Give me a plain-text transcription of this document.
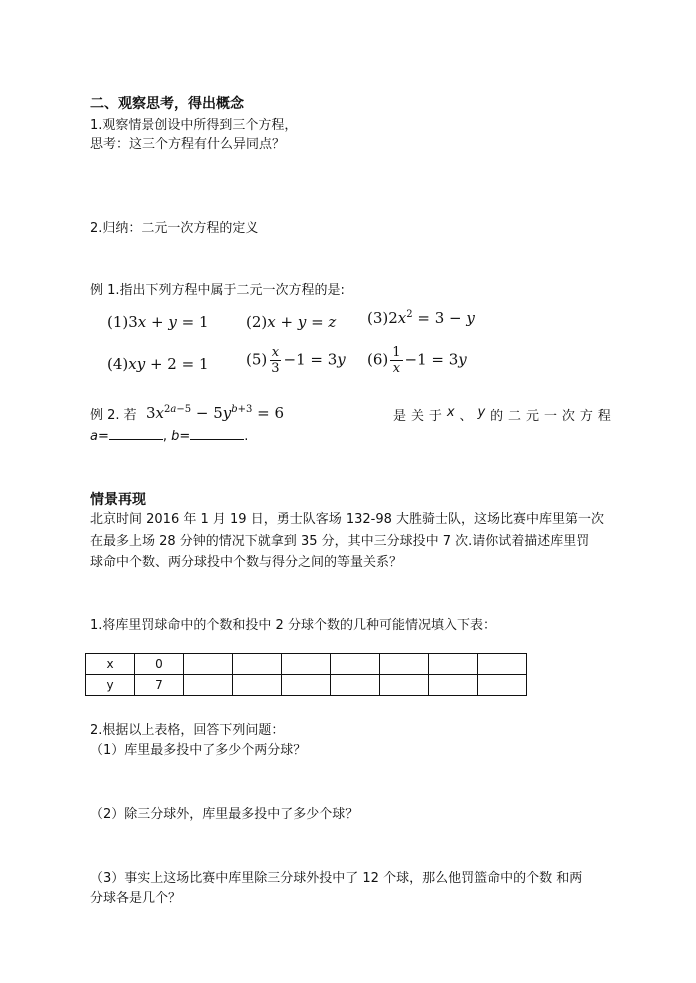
二、观察思考，得出概念
1.观察情景创设中所得到三个方程，
思考：这三个方程有什么异同点？
2.归纳：二元一次方程的定义
例 1.指出下列方程中属于二元一次方程的是:
(1)3x + y = 1 (2)x + y = z $(3)2x^2 = 3 - y$
(4)xy + 2 = 1	$(5) \frac{x}{3} -1 = 3y$ $(6) \frac{1}{x} -1 = 3y$
例 2. 若 $3x^{2a-5} - 5y^{b+3} = 6$	是 关 于 x 、 y 的 二 元 一 次 方 程
a=	, b=	.
情景再现
北京时间 2016 年 1 月 19 日，勇士队客场 132-98 大胜骑士队，这场比赛中库里第一次
在最多上场 28 分钟的情况下就拿到 35 分，其中三分球投中 7 次.请你试着描述库里罚
球命中个数、两分球投中个数与得分之间的等量关系？
1.将库里罚球命中的个数和投中 2 分球个数的几种可能情况填入下表：
x	0							
y	7							
2.根据以上表格，回答下列问题：
（1）库里最多投中了多少个两分球？
（2）除三分球外，库里最多投中了多少个球？
（3）事实上这场比赛中库里除三分球外投中了 12 个球，那么他罚篮命中的个数 和两
分球各是几个？
